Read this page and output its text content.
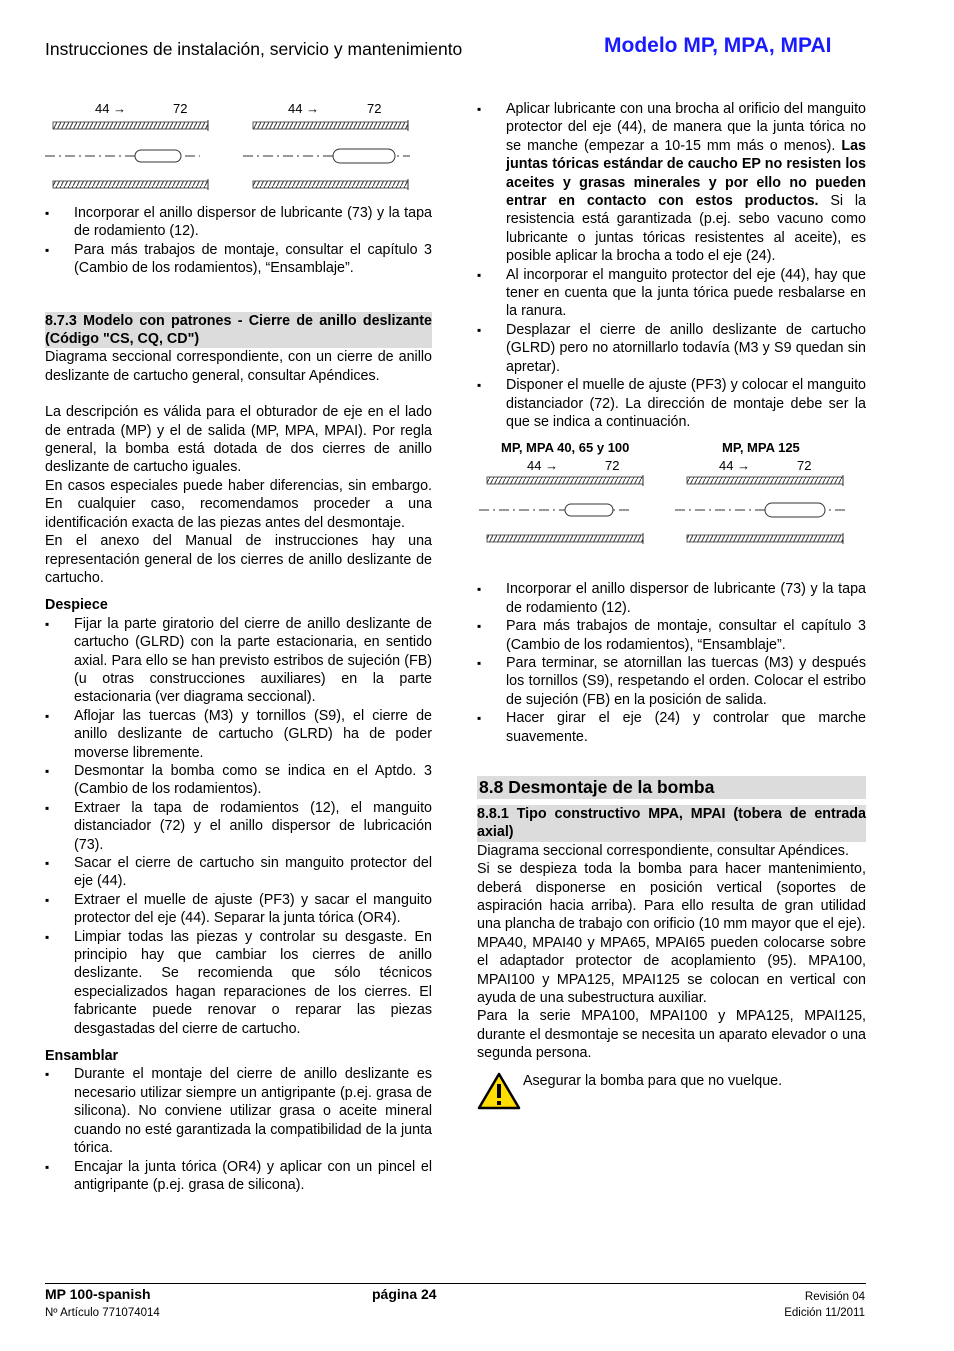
Instrucciones de instalación, servicio y mantenimiento	Modelo MP, MPA, MPAI
44 →	72	44 →	72
▪ Incorporar el anillo dispersor de lubricante (73) y la tapa de rodamiento (12).
▪ Para más trabajos de montaje, consultar el capítulo 3 (Cambio de los rodamientos), “Ensamblaje”.

8.7.3 Modelo con patrones - Cierre de anillo deslizante (Código "CS, CQ, CD")

Diagrama seccional correspondiente, con un cierre de anillo deslizante de cartucho general, consultar Apéndices.

La descripción es válida para el obturador de eje en el lado de entrada (MP) y el de salida (MP, MPA, MPAI). Por regla general, la bomba está dotada de dos cierres de anillo deslizante de cartucho iguales.

En casos especiales puede haber diferencias, sin embargo. En cualquier caso, recomendamos proceder a una identificación exacta de las piezas antes del desmontaje.

En el anexo del Manual de instrucciones hay una representación general de los cierres de anillo deslizante de cartucho.

Despiece

▪ Fijar la parte giratorio del cierre de anillo deslizante de cartucho (GLRD) con la parte estacionaria, en sentido axial. Para ello se han previsto estribos de sujeción (FB) (u otras construcciones auxiliares) en la parte estacionaria (ver diagrama seccional).
▪ Aflojar las tuercas (M3) y tornillos (S9), el cierre de anillo deslizante de cartucho (GLRD) ha de poder moverse libremente.
▪ Desmontar la bomba como se indica en el Aptdo. 3 (Cambio de los rodamientos).
▪ Extraer la tapa de rodamientos (12), el manguito distanciador (72) y el anillo dispersor de lubricación (73).
▪ Sacar el cierre de cartucho sin manguito protector del eje (44).
▪ Extraer el muelle de ajuste (PF3) y sacar el manguito protector del eje (44). Separar la junta tórica (OR4).
▪ Limpiar todas las piezas y controlar su desgaste. En principio hay que cambiar los cierres de anillo deslizante. Se recomienda que sólo técnicos especializados hagan reparaciones de los cierres. El fabricante puede renovar o reparar las piezas desgastadas del cierre de cartucho.

Ensamblar

▪ Durante el montaje del cierre de anillo deslizante es necesario utilizar siempre un antigripante (p.ej. grasa de silicona). No conviene utilizar grasa o aceite mineral cuando no esté garantizada la compatibilidad de la junta tórica.
▪ Encajar la junta tórica (OR4) y aplicar con un pincel el antigripante (p.ej. grasa de silicona).
▪ Aplicar lubricante con una brocha al orificio del manguito protector del eje (44), de manera que la junta tórica no se manche (empezar a 10-15 mm más o menos). Las juntas tóricas estándar de caucho EP no resisten los aceites y grasas minerales y por ello no pueden entrar en contacto con estos productos. Si la resistencia está garantizada (p.ej. sebo vacuno como lubricante o juntas tóricas resistentes al aceite), es posible aplicar la brocha a todo el eje (24).
▪ Al incorporar el manguito protector del eje (44), hay que tener en cuenta que la junta tórica puede resbalarse en la ranura.
▪ Desplazar el cierre de anillo deslizante de cartucho (GLRD) pero no atornillarlo todavía (M3 y S9 quedan sin apretar).
▪ Disponer el muelle de ajuste (PF3) y colocar el manguito distanciador (72). La dirección de montaje debe ser la que se indica a continuación.
MP, MPA 40, 65 y 100	MP, MPA 125
44 →	72	44 →	72
▪ Incorporar el anillo dispersor de lubricante (73) y la tapa de rodamiento (12).
▪ Para más trabajos de montaje, consultar el capítulo 3 (Cambio de los rodamientos), “Ensamblaje”.
▪ Para terminar, se atornillan las tuercas (M3) y después los tornillos (S9), respetando el orden. Colocar el estribo de sujeción (FB) en la posición de salida.
▪ Hacer girar el eje (24) y controlar que marche suavemente.
8.8 Desmontaje de la bomba

8.8.1 Tipo constructivo MPA, MPAI (tobera de entrada axial)

Diagrama seccional correspondiente, consultar Apéndices.

Si se despieza toda la bomba para hacer mantenimiento, deberá disponerse en posición vertical (soportes de aspiración hacia arriba). Para ello resulta de gran utilidad una plancha de trabajo con orificio (10 mm mayor que el eje).

MPA40, MPAI40 y MPA65, MPAI65 pueden colocarse sobre el adaptador protector de acoplamiento (95). MPA100, MPAI100 y MPA125, MPAI125 se colocan en vertical con ayuda de una subestructura auxiliar.

Para la serie MPA100, MPAI100 y MPA125, MPAI125, durante el desmontaje se necesita un aparato elevador o una segunda persona.

Asegurar la bomba para que no vuelque.
MP 100-spanish
Nº Artículo 771074014
página 24	Revisión 04
Edición 11/2011
